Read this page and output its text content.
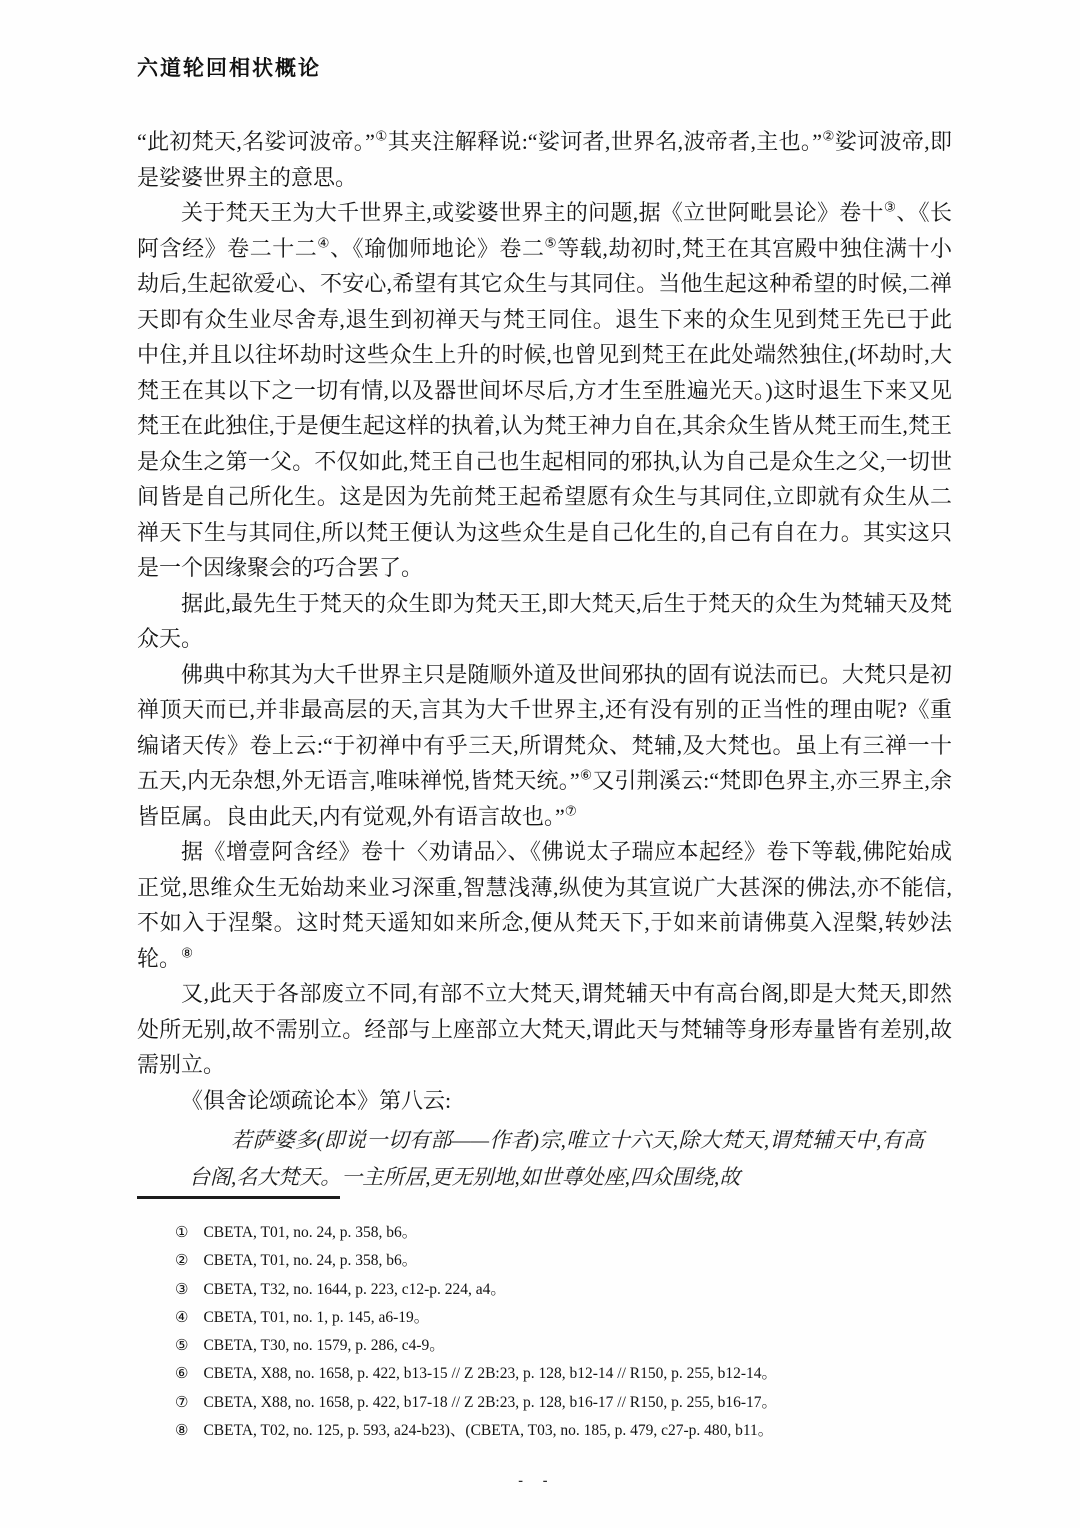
六道轮回相状概论

“此初梵天,名娑诃波帝。”①其夹注解释说:“娑诃者,世界名,波帝者,主也。”②娑诃波帝,即是娑婆世界主的意思。

关于梵天王为大千世界主,或娑婆世界主的问题,据《立世阿毗昙论》卷十③、《长阿含经》卷二十二④、《瑜伽师地论》卷二⑤等载,劫初时,梵王在其宫殿中独住满十小劫后,生起欲爱心、不安心,希望有其它众生与其同住。当他生起这种希望的时候,二禅天即有众生业尽舍寿,退生到初禅天与梵王同住。退生下来的众生见到梵王先已于此中住,并且以往坏劫时这些众生上升的时候,也曾见到梵王在此处端然独住,(坏劫时,大梵王在其以下之一切有情,以及器世间坏尽后,方才生至胜遍光天。)这时退生下来又见梵王在此独住,于是便生起这样的执着,认为梵王神力自在,其余众生皆从梵王而生,梵王是众生之第一父。不仅如此,梵王自己也生起相同的邪执,认为自己是众生之父,一切世间皆是自己所化生。这是因为先前梵王起希望愿有众生与其同住,立即就有众生从二禅天下生与其同住,所以梵王便认为这些众生是自己化生的,自己有自在力。其实这只是一个因缘聚会的巧合罢了。

据此,最先生于梵天的众生即为梵天王,即大梵天,后生于梵天的众生为梵辅天及梵众天。

佛典中称其为大千世界主只是随顺外道及世间邪执的固有说法而已。大梵只是初禅顶天而已,并非最高层的天,言其为大千世界主,还有没有别的正当性的理由呢?《重编诸天传》卷上云:“于初禅中有乎三天,所谓梵众、梵辅,及大梵也。虽上有三禅一十五天,内无杂想,外无语言,唯味禅悦,皆梵天统。”⑥又引荆溪云:“梵即色界主,亦三界主,余皆臣属。良由此天,内有觉观,外有语言故也。”⑦

据《增壹阿含经》卷十〈劝请品〉、《佛说太子瑞应本起经》卷下等载,佛陀始成正觉,思维众生无始劫来业习深重,智慧浅薄,纵使为其宣说广大甚深的佛法,亦不能信,不如入于涅槃。这时梵天遥知如来所念,便从梵天下,于如来前请佛莫入涅槃,转妙法轮。⑧

又,此天于各部废立不同,有部不立大梵天,谓梵辅天中有高台阁,即是大梵天,即然处所无别,故不需别立。经部与上座部立大梵天,谓此天与梵辅等身形寿量皆有差别,故需别立。

《俱舍论颂疏论本》第八云:

若萨婆多(即说一切有部——作者)宗,唯立十六天,除大梵天,谓梵辅天中,有高台阁,名大梵天。一主所居,更无别地,如世尊处座,四众围绕,故

① CBETA, T01, no. 24, p. 358, b6。
② CBETA, T01, no. 24, p. 358, b6。
③ CBETA, T32, no. 1644, p. 223, c12-p. 224, a4。
④ CBETA, T01, no. 1, p. 145, a6-19。
⑤ CBETA, T30, no. 1579, p. 286, c4-9。
⑥ CBETA, X88, no. 1658, p. 422, b13-15 // Z 2B:23, p. 128, b12-14 // R150, p. 255, b12-14。
⑦ CBETA, X88, no. 1658, p. 422, b17-18 // Z 2B:23, p. 128, b16-17 // R150, p. 255, b16-17。
⑧ CBETA, T02, no. 125, p. 593, a24-b23)、(CBETA, T03, no. 185, p. 479, c27-p. 480, b11。
- -
